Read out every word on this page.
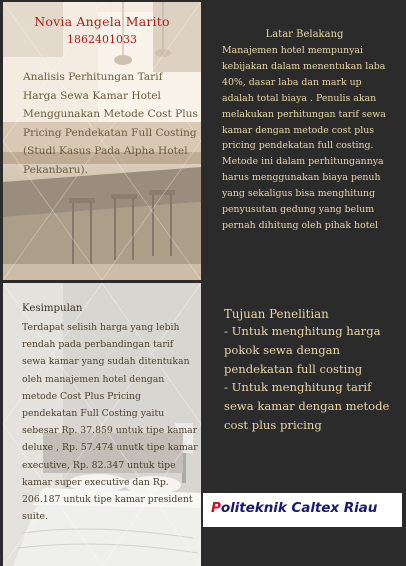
Novia Angela Marito
1862401033
Analisis Perhitungan Tarif Harga Sewa Kamar Hotel Menggunakan Metode Cost Plus Pricing Pendekatan Full Costing (Studi Kasus Pada Alpha Hotel Pekanbaru).
Latar Belakang
Manajemen hotel mempunyai kebijakan dalam menentukan laba 40%, dasar laba dan mark up adalah total biaya . Penulis akan melakukan perhitungan tarif sewa kamar dengan metode cost plus pricing pendekatan full costing. Metode ini dalam perhitungannya harus menggunakan biaya penuh yang sekaligus bisa menghitung penyusutan gedung yang belum pernah dihitung oleh pihak hotel
Kesimpulan
Terdapat selisih harga yang lebih rendah pada perbandingan tarif sewa kamar yang sudah ditentukan oleh manajemen hotel dengan metode Cost Plus Pricing pendekatan Full Costing yaitu sebesar Rp. 37.859 untuk tipe kamar deluxe , Rp. 57.474 unutk tipe kamar executive, Rp. 82.347 untuk tipe kamar super executive dan Rp. 206.187 untuk tipe kamar president suite.
Tujuan Penelitian
- Untuk menghitung harga pokok sewa dengan pendekatan full costing
- Untuk menghitung tarif sewa kamar dengan metode cost plus pricing
Politeknik Caltex Riau
